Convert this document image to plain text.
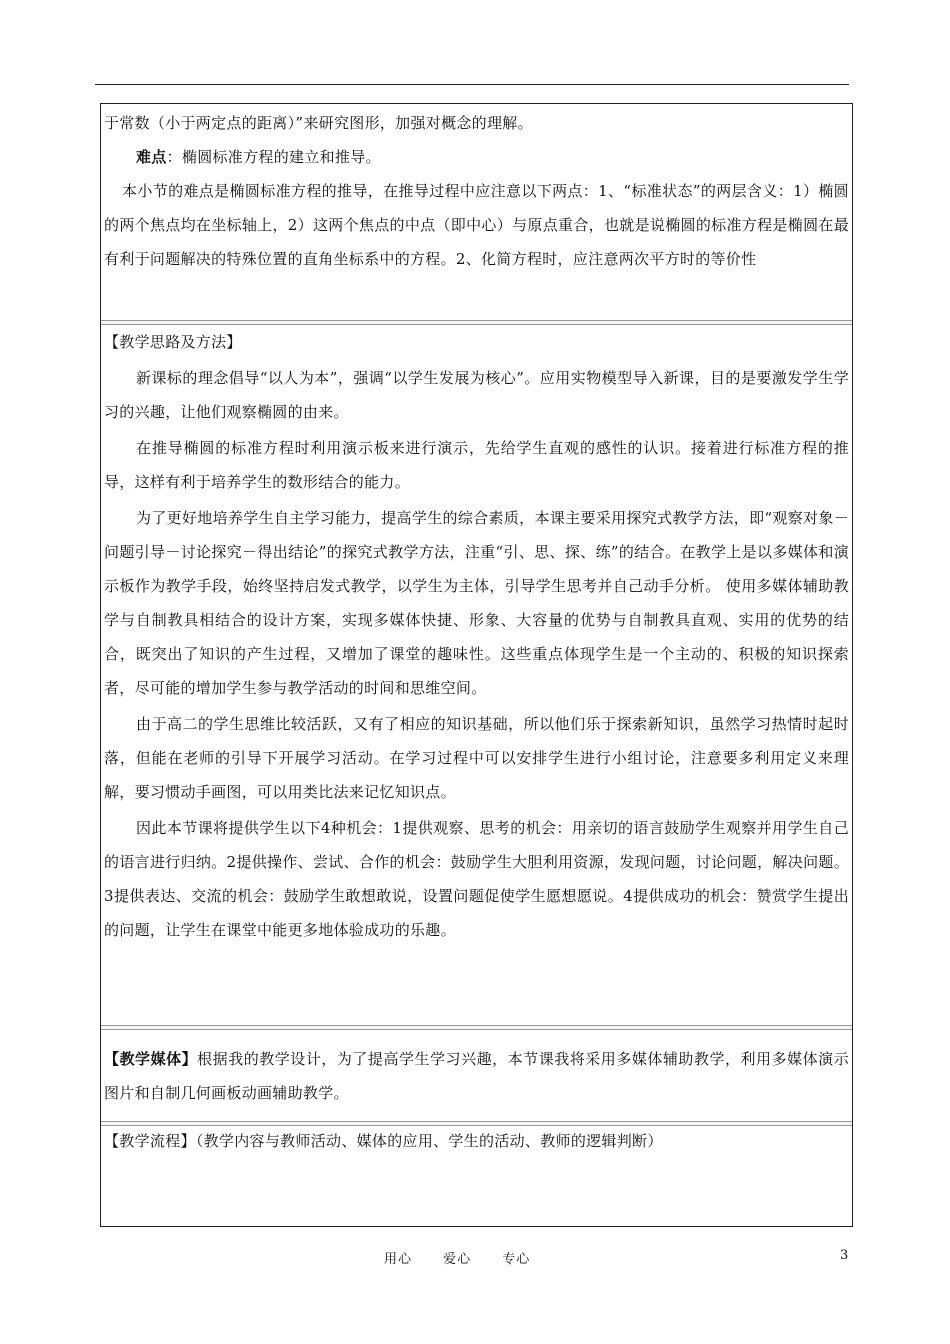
于常数（小于两定点的距离）”来研究图形，加强对概念的理解。

难点：椭圆标准方程的建立和推导。

本小节的难点是椭圆标准方程的推导，在推导过程中应注意以下两点：1、“标准状态”的两层含义：1）椭圆的两个焦点均在坐标轴上，2）这两个焦点的中点（即中心）与原点重合，也就是说椭圆的标准方程是椭圆在最有利于问题解决的特殊位置的直角坐标系中的方程。2、化简方程时，应注意两次平方时的等价性

【教学思路及方法】

新课标的理念倡导“以人为本”，强调“以学生发展为核心”。应用实物模型导入新课，目的是要激发学生学习的兴趣，让他们观察椭圆的由来。

在推导椭圆的标准方程时利用演示板来进行演示，先给学生直观的感性的认识。接着进行标准方程的推导，这样有利于培养学生的数形结合的能力。

为了更好地培养学生自主学习能力，提高学生的综合素质，本课主要采用探究式教学方法，即“观察对象－问题引导－讨论探究－得出结论”的探究式教学方法，注重“引、思、探、练”的结合。在教学上是以多媒体和演示板作为教学手段，始终坚持启发式教学，以学生为主体，引导学生思考并自己动手分析。 使用多媒体辅助教学与自制教具相结合的设计方案，实现多媒体快捷、形象、大容量的优势与自制教具直观、实用的优势的结合，既突出了知识的产生过程，又增加了课堂的趣味性。这些重点体现学生是一个主动的、积极的知识探索者，尽可能的增加学生参与教学活动的时间和思维空间。

由于高二的学生思维比较活跃，又有了相应的知识基础，所以他们乐于探索新知识，虽然学习热情时起时落，但能在老师的引导下开展学习活动。在学习过程中可以安排学生进行小组讨论，注意要多利用定义来理解，要习惯动手画图，可以用类比法来记忆知识点。

因此本节课将提供学生以下4种机会：1提供观察、思考的机会：用亲切的语言鼓励学生观察并用学生自己的语言进行归纳。2提供操作、尝试、合作的机会：鼓励学生大胆利用资源，发现问题，讨论问题，解决问题。3提供表达、交流的机会：鼓励学生敢想敢说，设置问题促使学生愿想愿说。4提供成功的机会：赞赏学生提出的问题，让学生在课堂中能更多地体验成功的乐趣。

【教学媒体】根据我的教学设计，为了提高学生学习兴趣，本节课我将采用多媒体辅助教学，利用多媒体演示图片和自制几何画板动画辅助教学。

【教学流程】（教学内容与教师活动、媒体的应用、学生的活动、教师的逻辑判断）

用心 爱心 专心	3
